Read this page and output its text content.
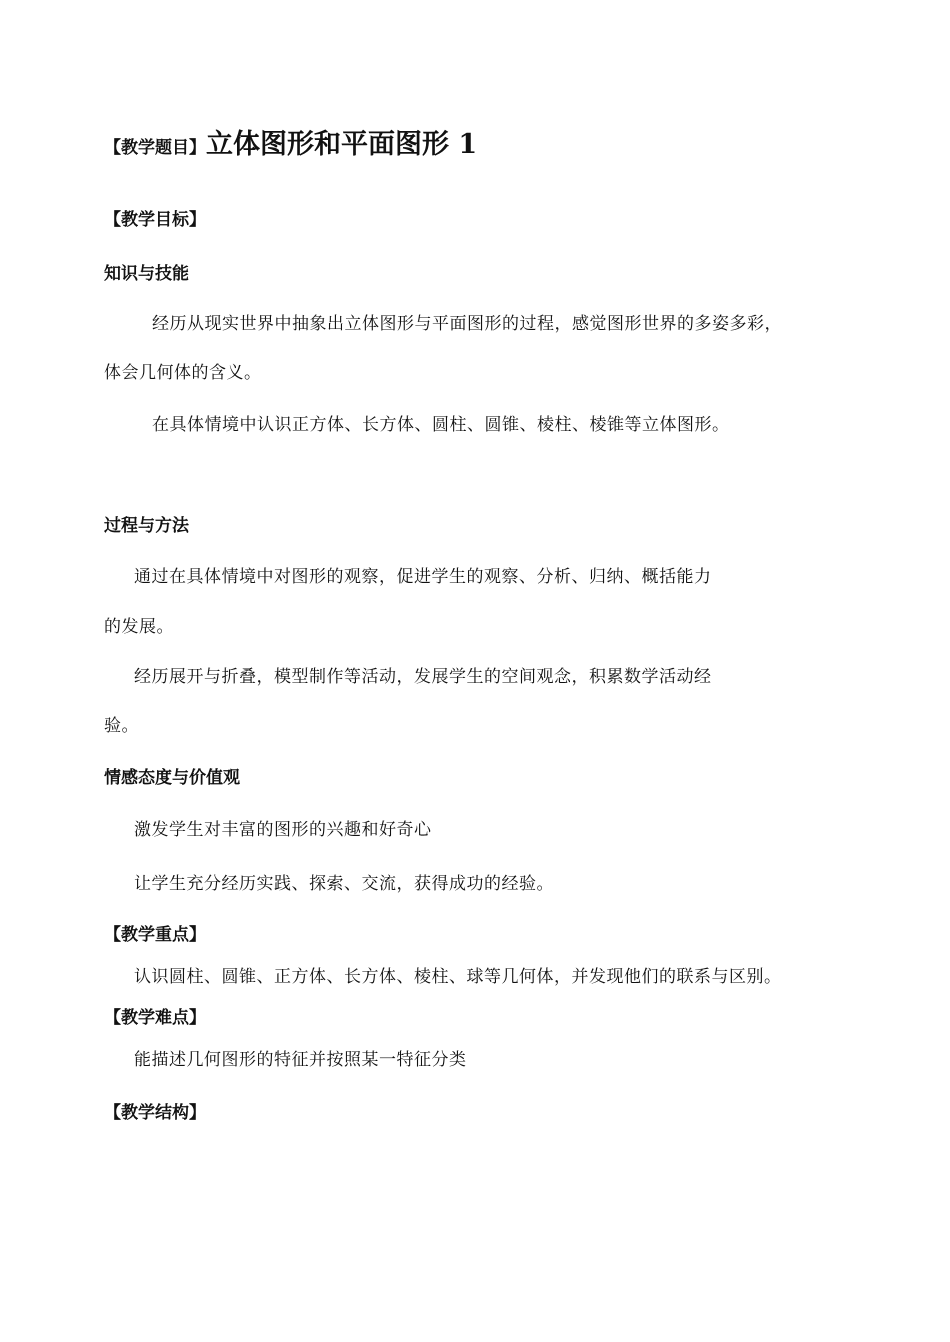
【教学题目】立体图形和平面图形 1
【教学目标】
知识与技能
经历从现实世界中抽象出立体图形与平面图形的过程，感觉图形世界的多姿多彩，
体会几何体的含义。
在具体情境中认识正方体、长方体、圆柱、圆锥、棱柱、棱锥等立体图形。
过程与方法
通过在具体情境中对图形的观察，促进学生的观察、分析、归纳、概括能力
的发展。
经历展开与折叠，模型制作等活动，发展学生的空间观念，积累数学活动经
验。
情感态度与价值观
激发学生对丰富的图形的兴趣和好奇心
让学生充分经历实践、探索、交流，获得成功的经验。
【教学重点】
认识圆柱、圆锥、正方体、长方体、棱柱、球等几何体，并发现他们的联系与区别。
【教学难点】
能描述几何图形的特征并按照某一特征分类
【教学结构】
